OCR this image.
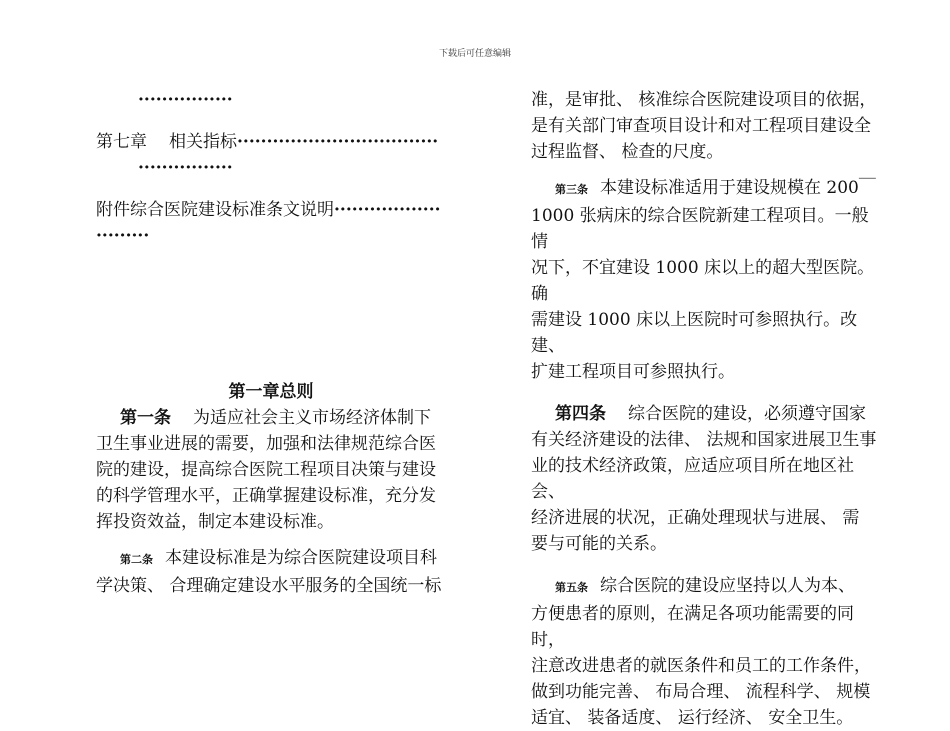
下载后可任意编辑
················
第七章 相关指标··································
················
附件综合医院建设标准条文说明··················
·········
第一章总则
第一条 为适应社会主义市场经济体制下
卫生事业进展的需要，加强和法律规范综合医
院的建设，提高综合医院工程项目决策与建设
的科学管理水平，正确掌握建设标准，充分发
挥投资效益，制定本建设标准。
第二条 本建设标准是为综合医院建设项目科
学决策、 合理确定建设水平服务的全国统一标
准，是审批、 核准综合医院建设项目的依据，
是有关部门审查项目设计和对工程项目建设全
过程监督、 检查的尺度。
第三条 本建设标准适用于建设规模在 200￣
1000 张病床的综合医院新建工程项目。一般情
况下，不宜建设 1000 床以上的超大型医院。确
需建设 1000 床以上医院时可参照执行。改建、
扩建工程项目可参照执行。
第四条 综合医院的建设，必须遵守国家
有关经济建设的法律、 法规和国家进展卫生事
业的技术经济政策，应适应项目所在地区社会、
经济进展的状况，正确处理现状与进展、 需
要与可能的关系。
第五条 综合医院的建设应坚持以人为本、
方便患者的原则，在满足各项功能需要的同时，
注意改进患者的就医条件和员工的工作条件，
做到功能完善、 布局合理、 流程科学、 规模
适宜、 装备适度、 运行经济、 安全卫生。
